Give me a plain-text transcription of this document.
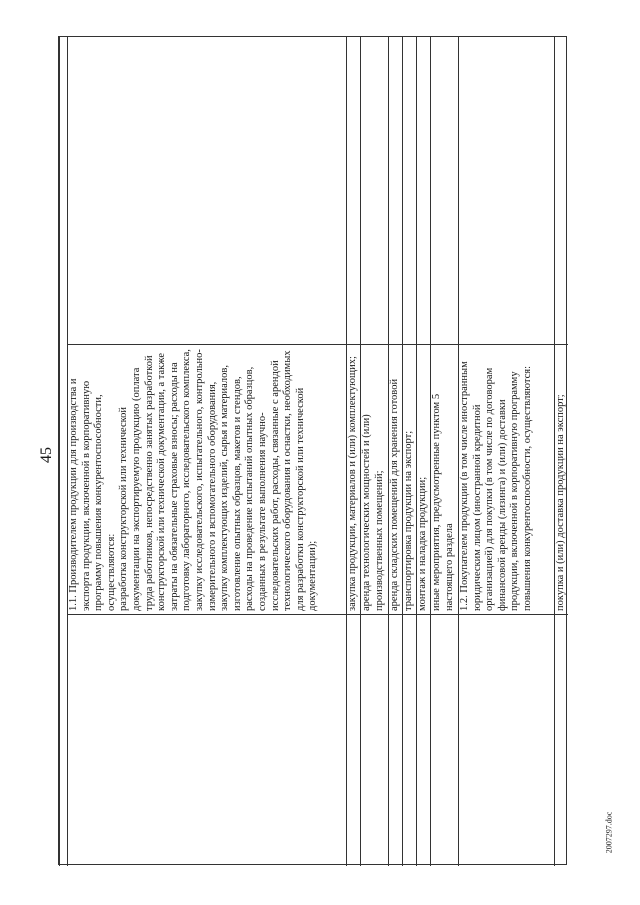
45
2007297.doc
1.1. Производителем продукции для производства и экспорта продукции, включенной в корпоративную программу повышения конкурентоспособности, осуществляются:
разработка конструкторской или технической документации на экспортируемую продукцию (оплата труда работников, непосредственно занятых разработкой конструкторской или технической документации, а также затраты на обязательные страховые взносы; расходы на подготовку лабораторного, исследовательского комплекса, закупку исследовательского, испытательного, контрольно-измерительного и вспомогательного оборудования, закупку комплектующих изделий, сырья и материалов, изготовление опытных образцов, макетов и стендов, расходы на проведение испытаний опытных образцов, созданных в результате выполнения научно-исследовательских работ, расходы, связанные с арендой технологического оборудования и оснастки, необходимых для разработки конструкторской или технической документации);	закупка продукции, материалов и (или) комплектующих; аренда технологических мощностей и (или) производственных помещений; аренда складских помещений для хранения готовой
транспортировка продукции на экспорт; монтаж и наладка продукции; иные мероприятия, предусмотренные пунктом 5 настоящего раздела 1.2. Покупателем продукции (в том числе иностранным юридическим лицом (иностранной кредитной организацией) для покупки (в том числе по договорам финансовой аренды (лизинга) и (или) доставки продукции, включенной в корпоративную программу повышения конкурентоспособности, осуществляются:	покупка и (или) доставка продукции на экспорт;
